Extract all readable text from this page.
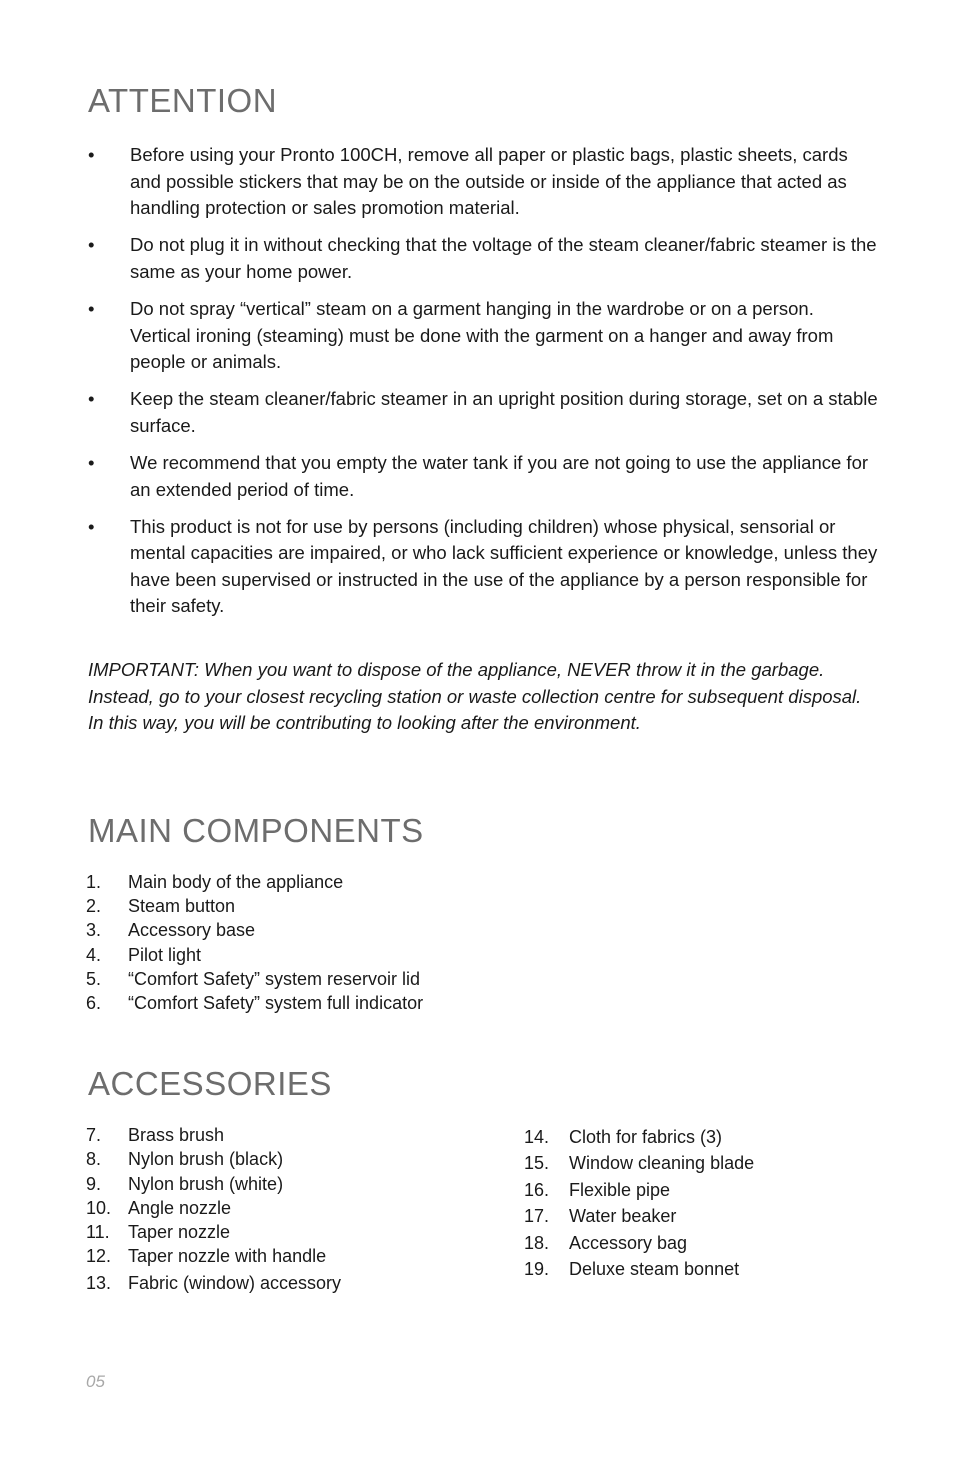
ATTENTION
• Before using your Pronto 100CH, remove all paper or plastic bags, plastic sheets, cards and possible stickers that may be on the outside or inside of the appliance that acted as handling protection or sales promotion material.
• Do not plug it in without checking that the voltage of the steam cleaner/fabric steamer is the same as your home power.
• Do not spray “vertical” steam on a garment hanging in the wardrobe or on a person. Vertical ironing (steaming) must be done with the garment on a hanger and away from people or animals.
• Keep the steam cleaner/fabric steamer in an upright position during storage, set on a stable surface.
• We recommend that you empty the water tank if you are not going to use the appliance for an extended period of time.
• This product is not for use by persons (including children) whose physical, sensorial or mental capacities are impaired, or who lack sufficient experience or knowledge, unless they have been supervised or instructed in the use of the appliance by a person responsible for their safety.

IMPORTANT: When you want to dispose of the appliance, NEVER throw it in the garbage. Instead, go to your closest recycling station or waste collection centre for subsequent disposal. In this way, you will be contributing to looking after the environment.

MAIN COMPONENTS
1. Main body of the appliance
2. Steam button
3. Accessory base
4. Pilot light
5. “Comfort Safety” system reservoir lid
6. “Comfort Safety” system full indicator
ACCESSORIES
7. Brass brush
8. Nylon brush (black)
9. Nylon brush (white)
10. Angle nozzle
11. Taper nozzle
12. Taper nozzle with handle
13. Fabric (window) accessory
14. Cloth for fabrics (3)
15. Window cleaning blade
16. Flexible pipe
17. Water beaker
18. Accessory bag
19. Deluxe steam bonnet

05
